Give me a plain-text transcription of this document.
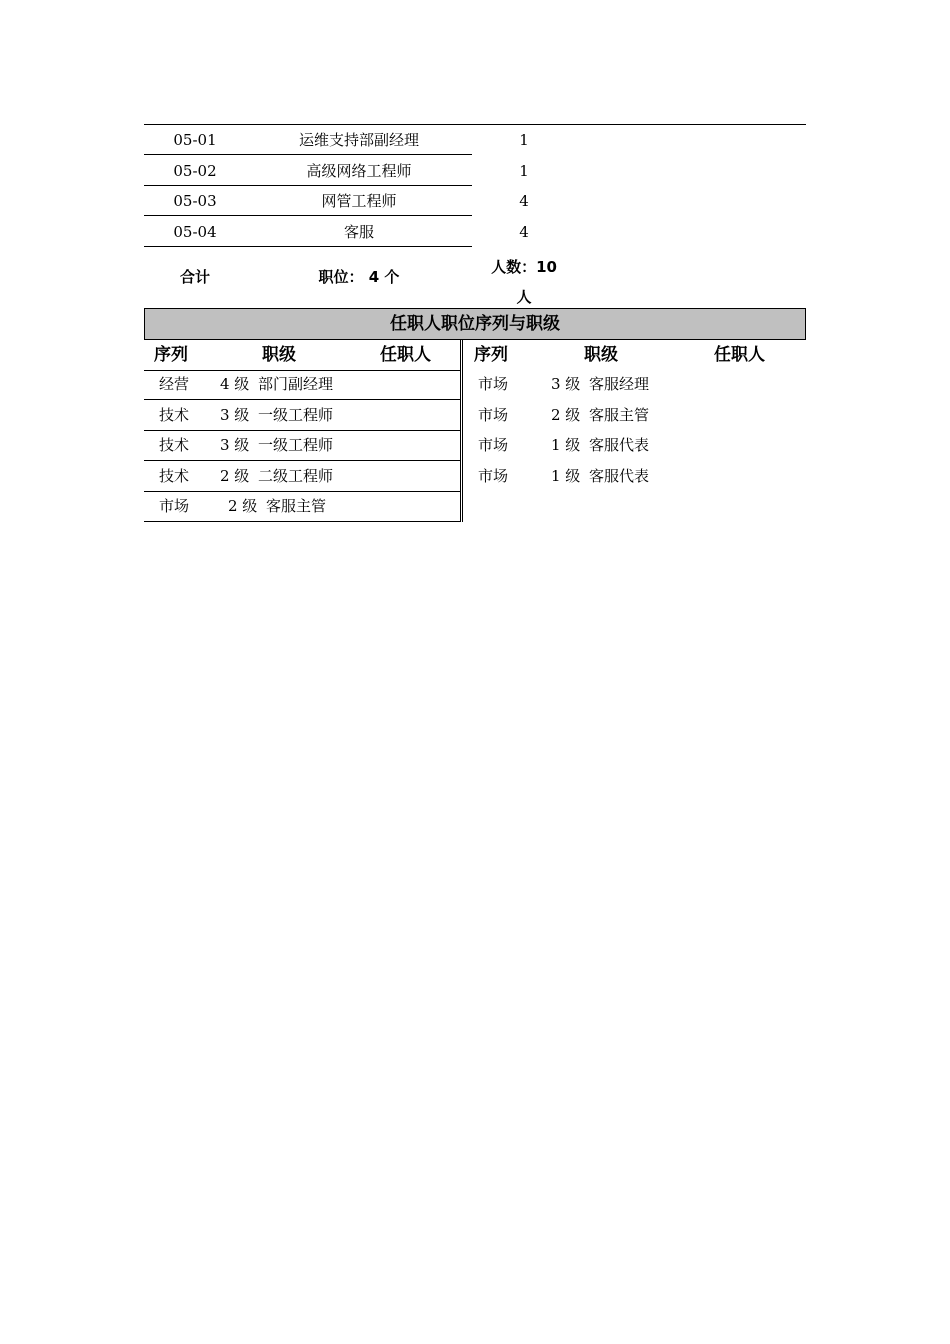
05-01	运维支持部副经理	1
05-02	高级网络工程师	1
05-03	网管工程师	4
05-04	客服	4
合计	职位： 4 个
人数：10
人
任职人职位序列与职级
序列	职级	任职人	序列	职级	任职人
经营 4 级 部门副经理
技术 3 级 一级工程师
技术 3 级 一级工程师
技术 2 级 二级工程师
市场	2 级 客服主管
市场	3 级 客服经理
市场	2 级 客服主管
市场	1 级 客服代表
市场	1 级 客服代表
